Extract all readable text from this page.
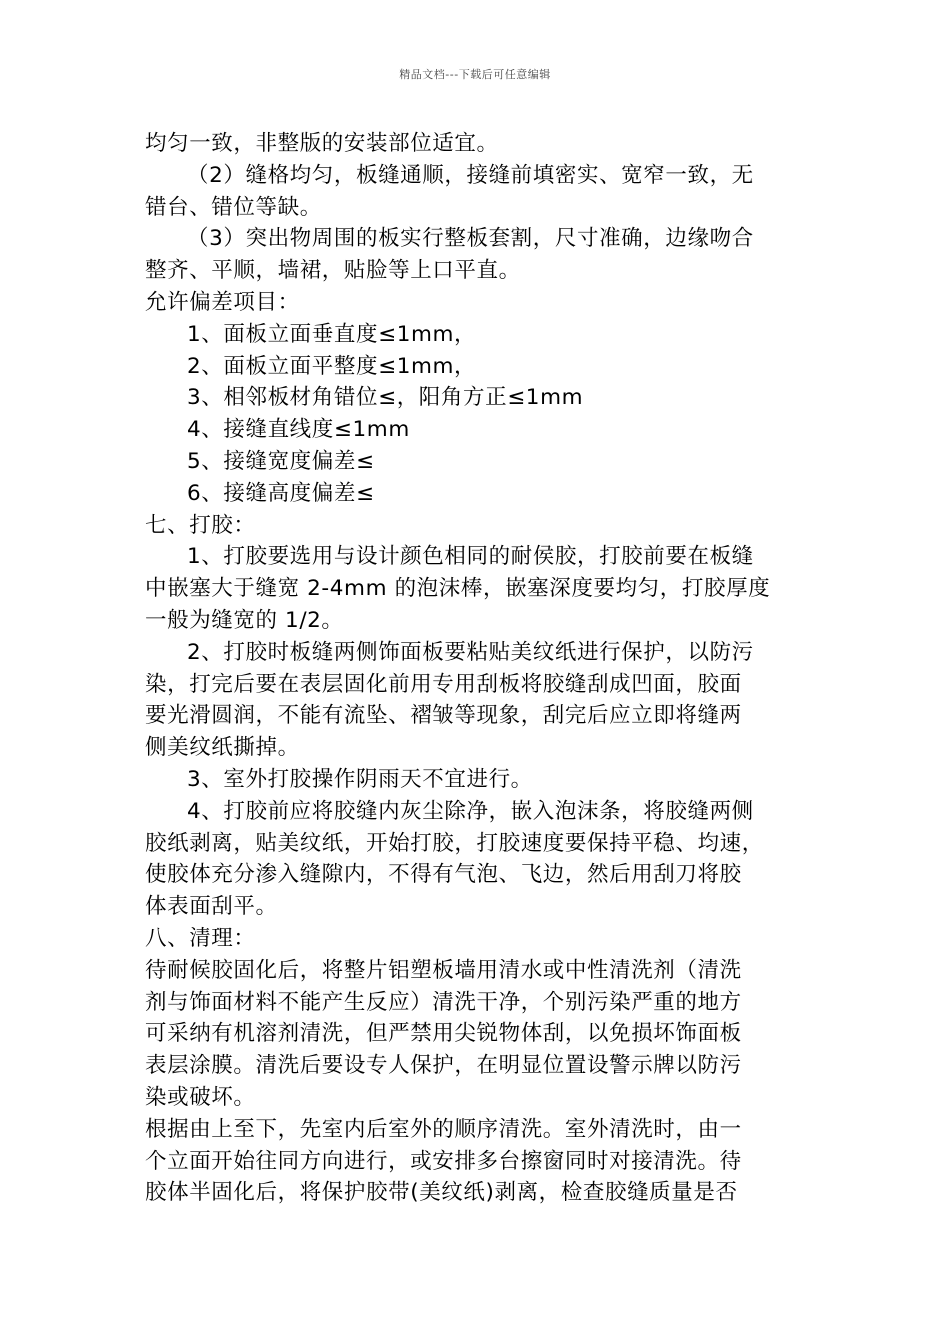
精品文档---下载后可任意编辑
均匀一致，非整版的安装部位适宜。
（2）缝格均匀，板缝通顺，接缝前填密实、宽窄一致，无
错台、错位等缺。
（3）突出物周围的板实行整板套割，尺寸准确，边缘吻合
整齐、平顺，墙裙，贴脸等上口平直。
允许偏差项目：
1、面板立面垂直度≤1mm，
2、面板立面平整度≤1mm，
3、相邻板材角错位≤，阳角方正≤1mm
4、接缝直线度≤1mm
5、接缝宽度偏差≤
6、接缝高度偏差≤
七、打胶：
1、打胶要选用与设计颜色相同的耐侯胶，打胶前要在板缝
中嵌塞大于缝宽 2-4mm 的泡沫棒，嵌塞深度要均匀，打胶厚度
一般为缝宽的 1/2。
2、打胶时板缝两侧饰面板要粘贴美纹纸进行保护，以防污
染，打完后要在表层固化前用专用刮板将胶缝刮成凹面，胶面
要光滑圆润，不能有流坠、褶皱等现象，刮完后应立即将缝两
侧美纹纸撕掉。
3、室外打胶操作阴雨天不宜进行。
4、打胶前应将胶缝内灰尘除净，嵌入泡沫条，将胶缝两侧
胶纸剥离，贴美纹纸，开始打胶，打胶速度要保持平稳、均速，
使胶体充分渗入缝隙内，不得有气泡、飞边，然后用刮刀将胶
体表面刮平。
八、清理：
待耐候胶固化后，将整片铝塑板墙用清水或中性清洗剂（清洗
剂与饰面材料不能产生反应）清洗干净，个别污染严重的地方
可采纳有机溶剂清洗，但严禁用尖锐物体刮，以免损坏饰面板
表层涂膜。清洗后要设专人保护，在明显位置设警示牌以防污
染或破坏。
根据由上至下，先室内后室外的顺序清洗。室外清洗时，由一
个立面开始往同方向进行，或安排多台擦窗同时对接清洗。待
胶体半固化后，将保护胶带(美纹纸)剥离，检查胶缝质量是否
